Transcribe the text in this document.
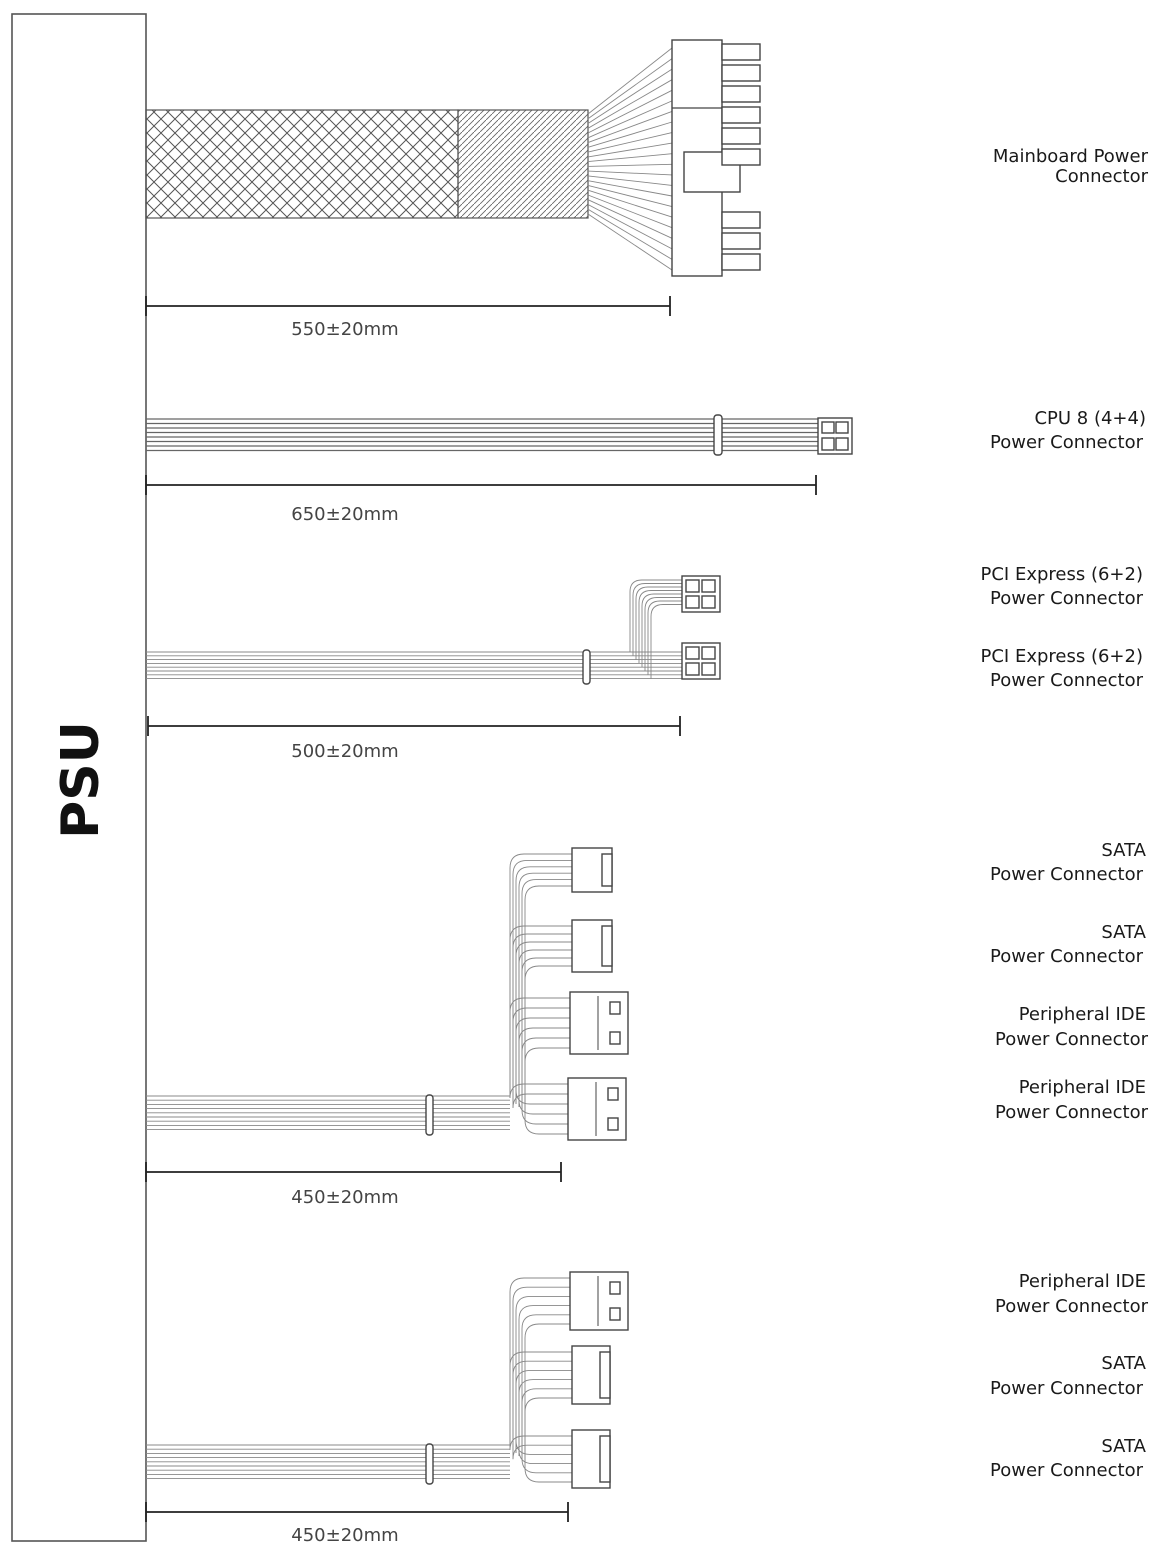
PSU
550±20mm
650±20mm
500±20mm
450±20mm
450±20mm
Mainboard Power
Connector
CPU 8 (4+4)
Power Connector
PCI Express (6+2)
Power Connector
PCI Express (6+2)
Power Connector
SATA
Power Connector
SATA
Power Connector
Peripheral IDE
Power Connector
Peripheral IDE
Power Connector
Peripheral IDE
Power Connector
SATA
Power Connector
SATA
Power Connector
